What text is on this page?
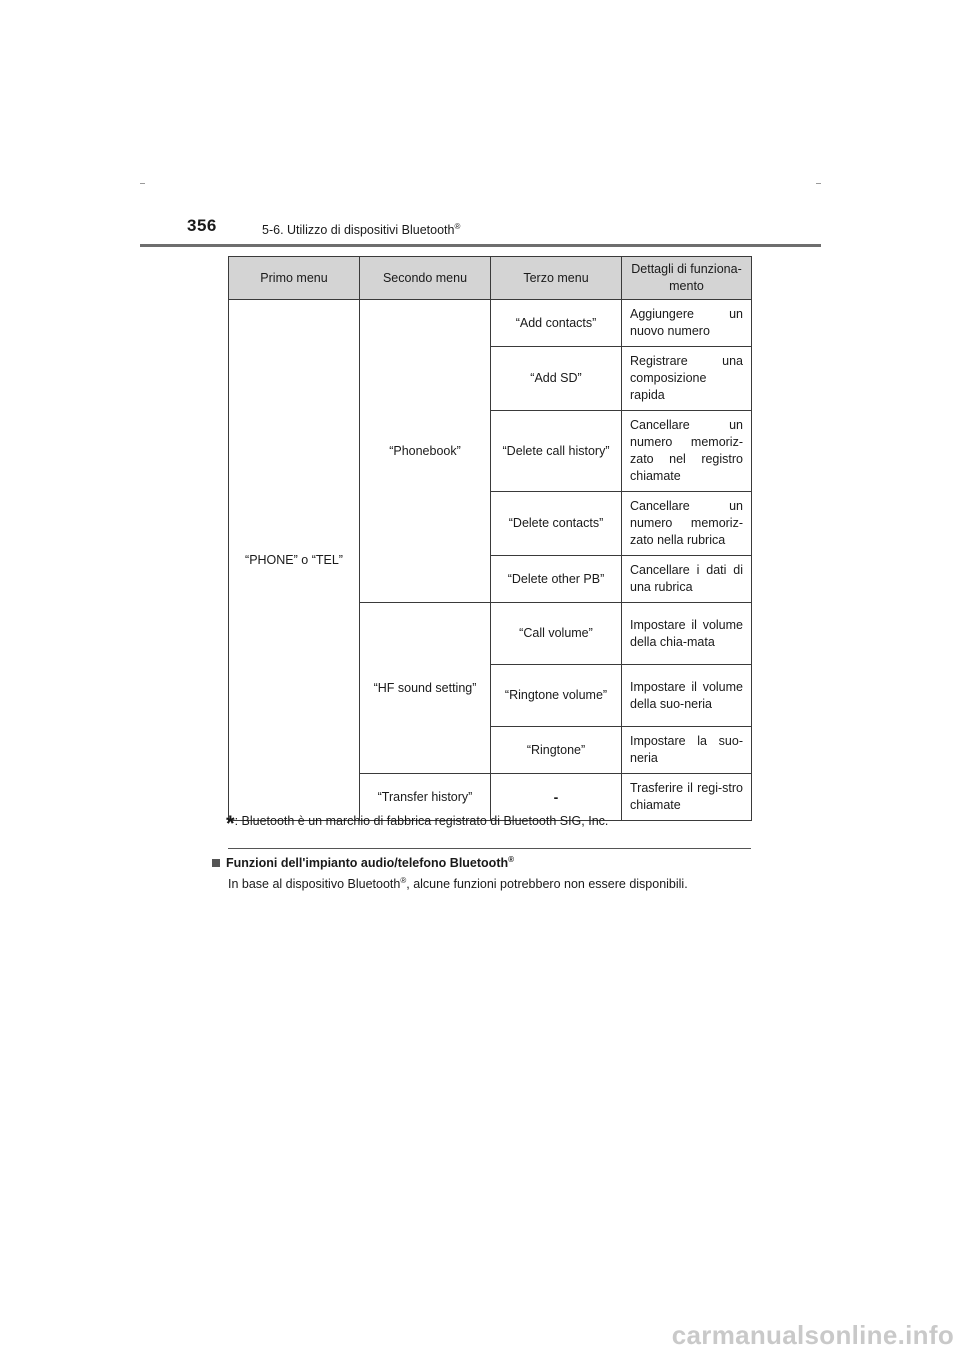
356	5-6. Utilizzo di dispositivi Bluetooth®
Primo menu	Secondo menu	Terzo menu	Dettagli di funziona-mento
“PHONE” o “TEL”	“Phonebook”	“Add contacts”	Aggiungere un nuovo numero
		“Add SD”	Registrare una composizione rapida
		“Delete call history”	Cancellare un numero memoriz-zato nel registro chiamate
		“Delete contacts”	Cancellare un numero memoriz-zato nella rubrica
		“Delete other PB”	Cancellare i dati di una rubrica
	“HF sound setting”	“Call volume”	Impostare il volume della chia-mata
		“Ringtone volume”	Impostare il volume della suo-neria
		“Ringtone”	Impostare la suo-neria
	“Transfer history”	-	Trasferire il regi-stro chiamate
*: Bluetooth è un marchio di fabbrica registrato di Bluetooth SIG, Inc.
Funzioni dell'impianto audio/telefono Bluetooth®
In base al dispositivo Bluetooth®, alcune funzioni potrebbero non essere disponibili.
carmanualsonline.info
